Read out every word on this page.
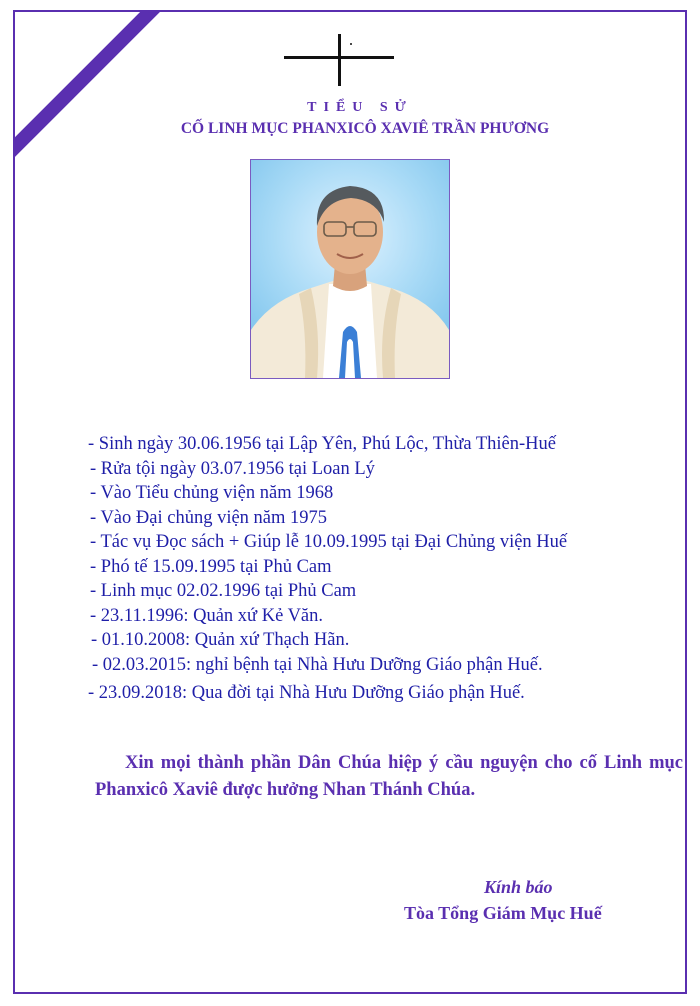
TIỂU SỬ
CỐ LINH MỤC PHANXICÔ XAVIÊ TRẦN PHƯƠNG
- Sinh ngày 30.06.1956 tại Lập Yên, Phú Lộc, Thừa Thiên-Huế
- Rửa tội ngày 03.07.1956 tại Loan Lý
- Vào Tiểu chủng viện năm 1968
- Vào Đại chủng viện năm 1975
- Tác vụ Đọc sách + Giúp lễ 10.09.1995 tại Đại Chủng viện Huế
- Phó tế 15.09.1995 tại Phủ Cam
- Linh mục 02.02.1996 tại Phủ Cam
- 23.11.1996: Quản xứ Kẻ Văn.
- 01.10.2008: Quản xứ Thạch Hãn.
- 02.03.2015: nghỉ bệnh tại Nhà Hưu Dưỡng Giáo phận Huế.
- 23.09.2018: Qua đời tại Nhà Hưu Dưỡng Giáo phận Huế.
Xin mọi thành phần Dân Chúa hiệp ý cầu nguyện cho cố Linh mục Phanxicô Xaviê được hưởng Nhan Thánh Chúa.
Kính báo
Tòa Tổng Giám Mục Huế
